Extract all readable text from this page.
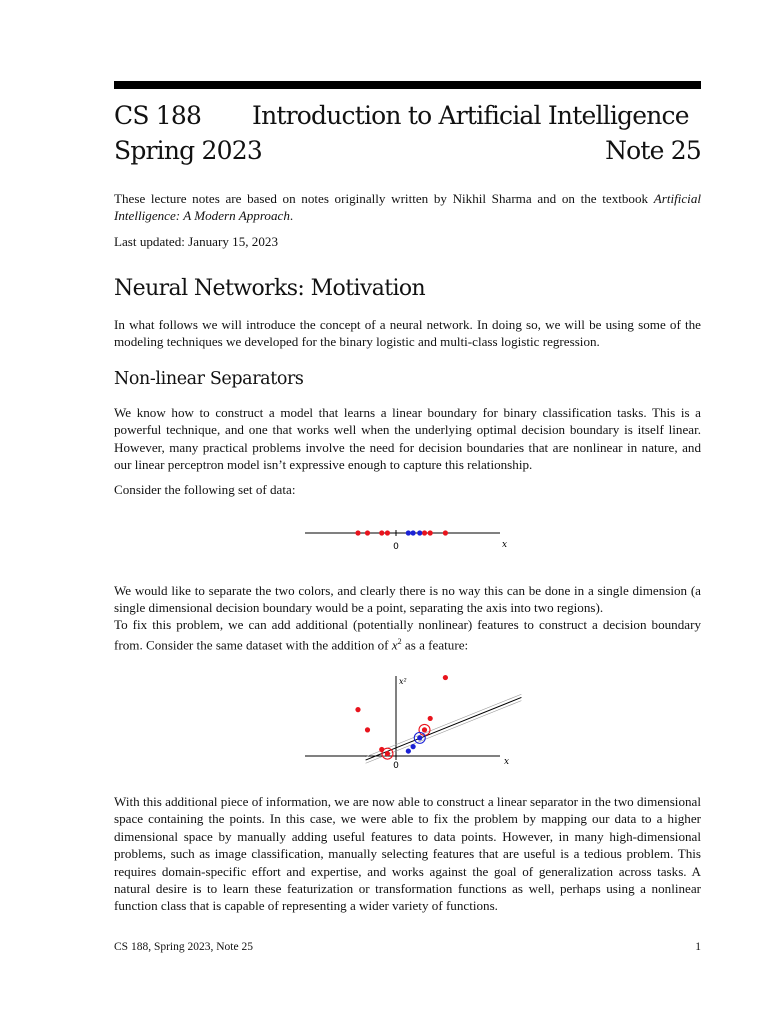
CS 188 Introduction to Artificial Intelligence
Spring 2023	Note 25
These lecture notes are based on notes originally written by Nikhil Sharma and on the textbook Artificial Intelligence: A Modern Approach.
Last updated: January 15, 2023
Neural Networks: Motivation
In what follows we will introduce the concept of a neural network. In doing so, we will be using some of the modeling techniques we developed for the binary logistic and multi-class logistic regression.
Non-linear Separators
We know how to construct a model that learns a linear boundary for binary classification tasks. This is a powerful technique, and one that works well when the underlying optimal decision boundary is itself linear. However, many practical problems involve the need for decision boundaries that are nonlinear in nature, and our linear perceptron model isn’t expressive enough to capture this relationship.
Consider the following set of data:
0	x
We would like to separate the two colors, and clearly there is no way this can be done in a single dimension (a single dimensional decision boundary would be a point, separating the axis into two regions).
To fix this problem, we can add additional (potentially nonlinear) features to construct a decision boundary from. Consider the same dataset with the addition of $x^2$ as a feature:
0	x
x²
With this additional piece of information, we are now able to construct a linear separator in the two dimensional space containing the points. In this case, we were able to fix the problem by mapping our data to a higher dimensional space by manually adding useful features to data points. However, in many high-dimensional problems, such as image classification, manually selecting features that are useful is a tedious problem. This requires domain-specific effort and expertise, and works against the goal of generalization across tasks. A natural desire is to learn these featurization or transformation functions as well, perhaps using a nonlinear function class that is capable of representing a wider variety of functions.
CS 188, Spring 2023, Note 25	1
